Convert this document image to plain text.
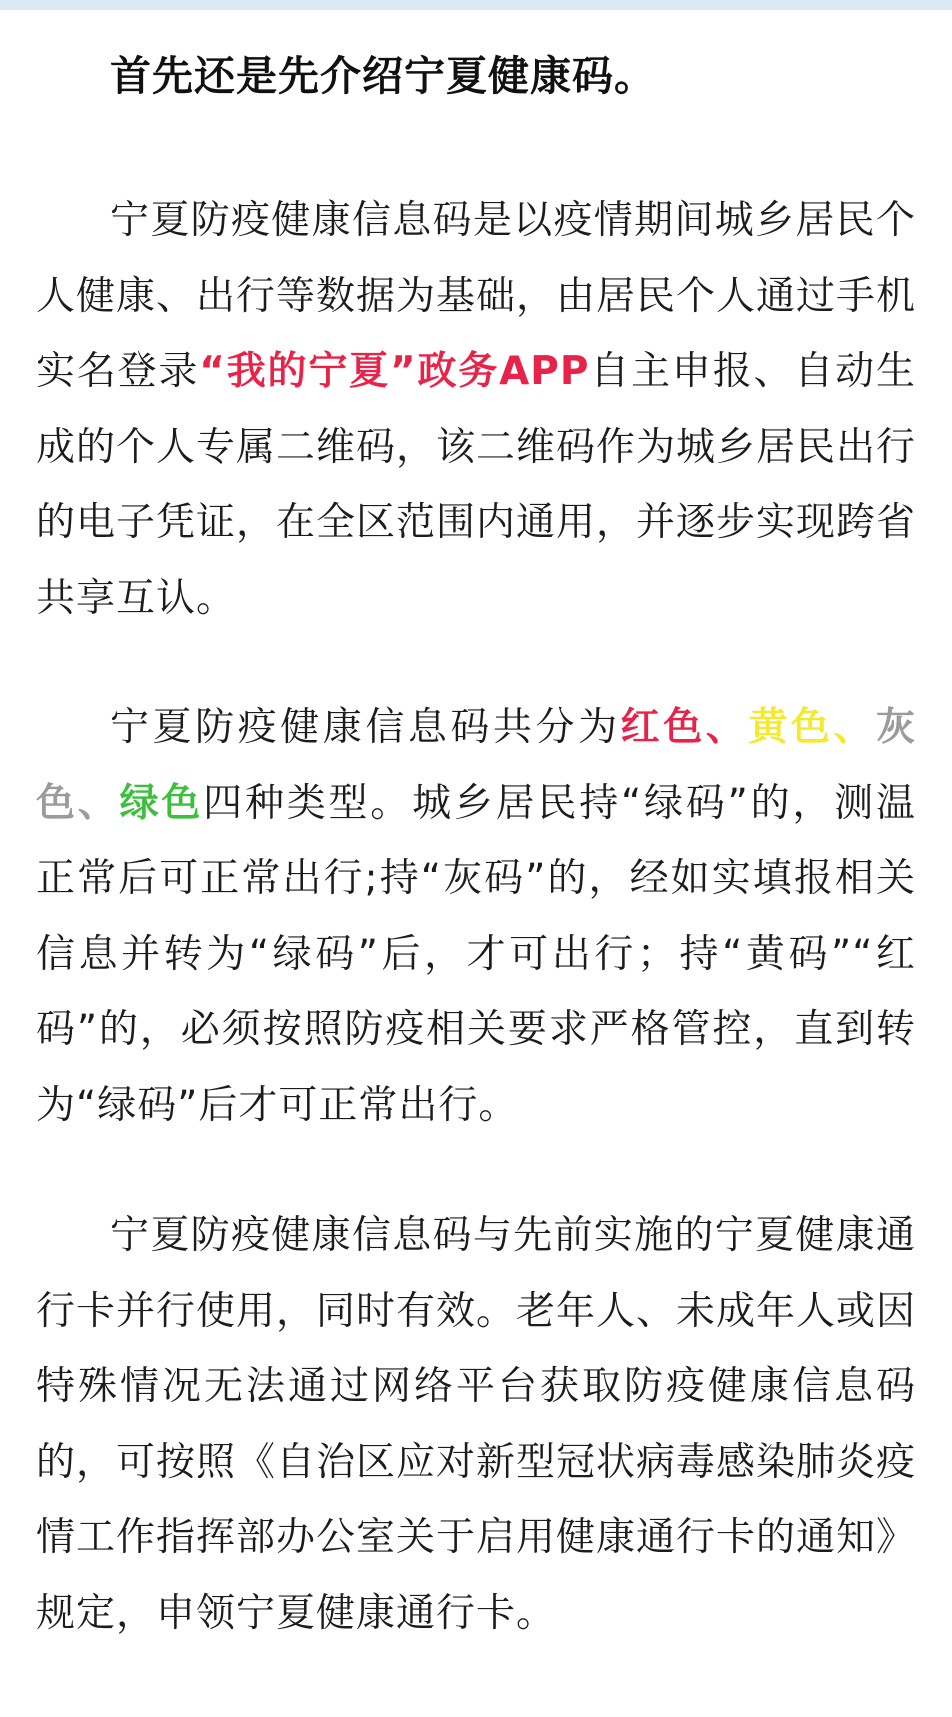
首先还是先介绍宁夏健康码。

宁夏防疫健康信息码是以疫情期间城乡居民个人健康、出行等数据为基础，由居民个人通过手机实名登录“我的宁夏”政务APP自主申报、自动生成的个人专属二维码，该二维码作为城乡居民出行的电子凭证，在全区范围内通用，并逐步实现跨省共享互认。

宁夏防疫健康信息码共分为红色、黄色、灰色、绿色四种类型。城乡居民持“绿码”的，测温正常后可正常出行;持“灰码”的，经如实填报相关信息并转为“绿码”后，才可出行；持“黄码”“红码”的，必须按照防疫相关要求严格管控，直到转为“绿码”后才可正常出行。

宁夏防疫健康信息码与先前实施的宁夏健康通行卡并行使用，同时有效。老年人、未成年人或因特殊情况无法通过网络平台获取防疫健康信息码的，可按照《自治区应对新型冠状病毒感染肺炎疫情工作指挥部办公室关于启用健康通行卡的通知》规定，申领宁夏健康通行卡。
